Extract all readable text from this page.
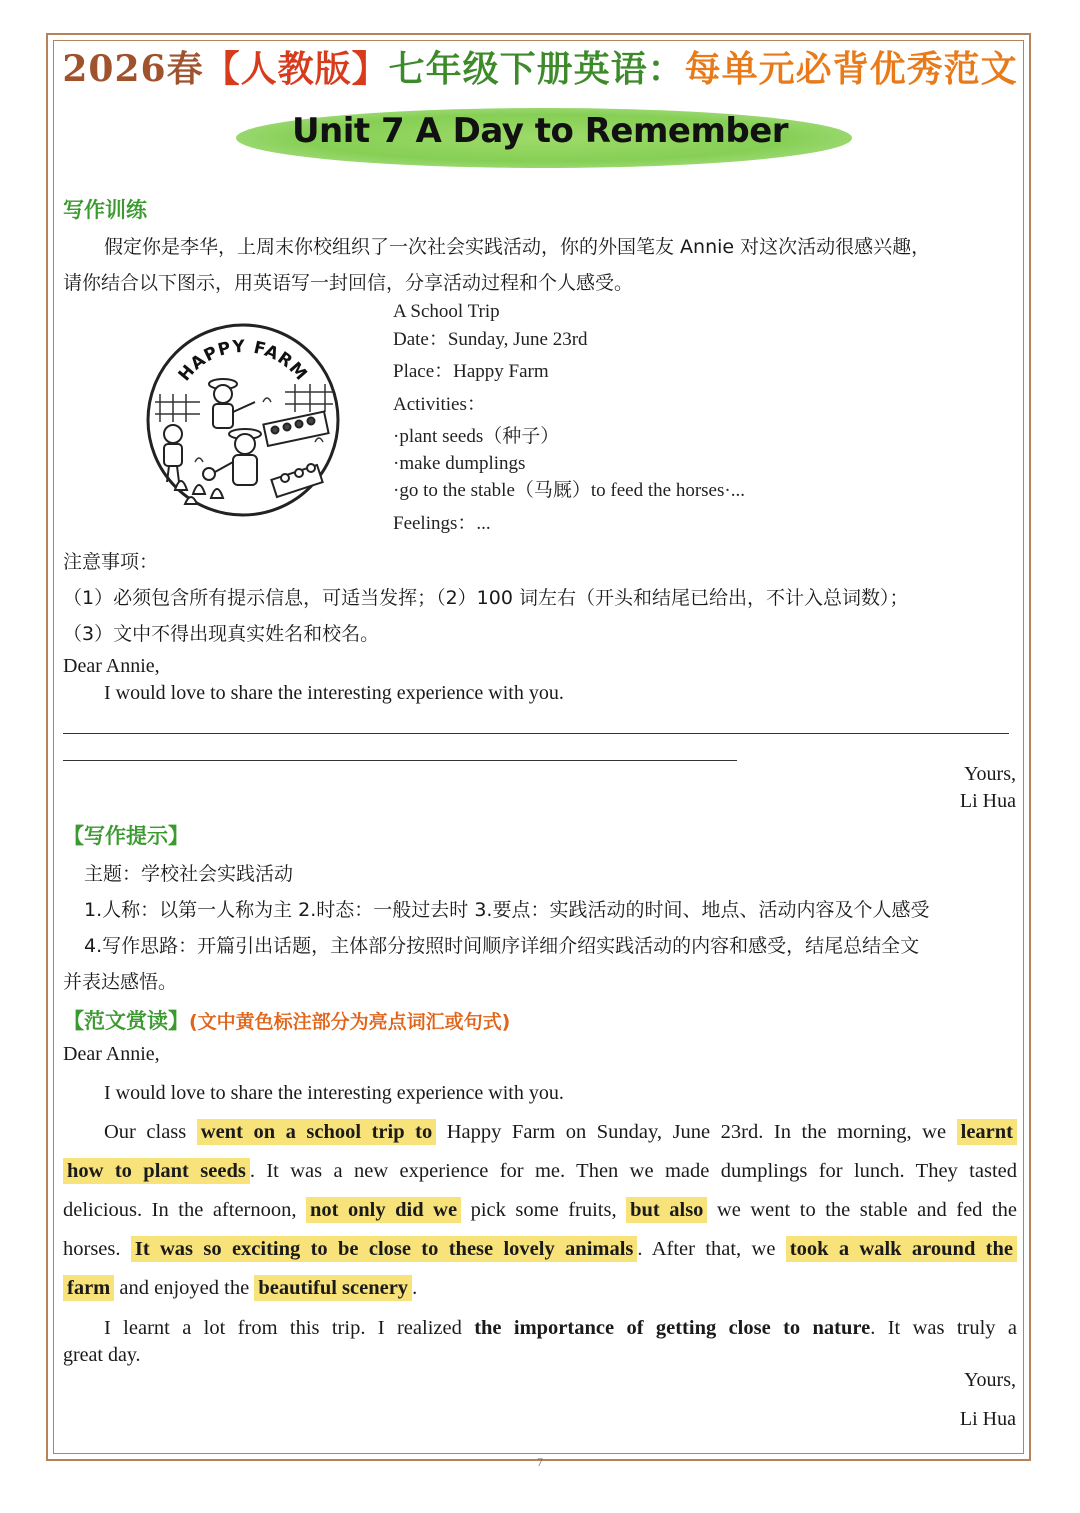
2026春【人教版】七年级下册英语：每单元必背优秀范文
Unit 7 A Day to Remember
写作训练
假定你是李华，上周末你校组织了一次社会实践活动，你的外国笔友 Annie 对这次活动很感兴趣，
请你结合以下图示，用英语写一封回信，分享活动过程和个人感受。
HAPPY FARM
A School Trip
Date：Sunday, June 23rd
Place：Happy Farm
Activities：
·plant seeds（种子）
·make dumplings
·go to the stable（马厩）to feed the horses·...
Feelings：...
注意事项：
（1）必须包含所有提示信息，可适当发挥；（2）100 词左右（开头和结尾已给出，不计入总词数）；
（3）文中不得出现真实姓名和校名。
Dear Annie,
I would love to share the interesting experience with you.
Yours,
Li Hua
【写作提示】
主题：学校社会实践活动
1.人称：以第一人称为主 2.时态：一般过去时 3.要点：实践活动的时间、地点、活动内容及个人感受
4.写作思路：开篇引出话题，主体部分按照时间顺序详细介绍实践活动的内容和感受，结尾总结全文
并表达感悟。
【范文赏读】(文中黄色标注部分为亮点词汇或句式)
Dear Annie,
I would love to share the interesting experience with you.
Our class went on a school trip to Happy Farm on Sunday, June 23rd. In the morning, we learnt
how to plant seeds . It was a new experience for me. Then we made dumplings for lunch. They tasted
delicious. In the afternoon, not only did we pick some fruits, but also we went to the stable and fed the
horses. It was so exciting to be close to these lovely animals . After that, we took a walk around the
farm and enjoyed the beautiful scenery .
I learnt a lot from this trip. I realized the importance of getting close to nature. It was truly a
great day.
Yours,
Li Hua
7
